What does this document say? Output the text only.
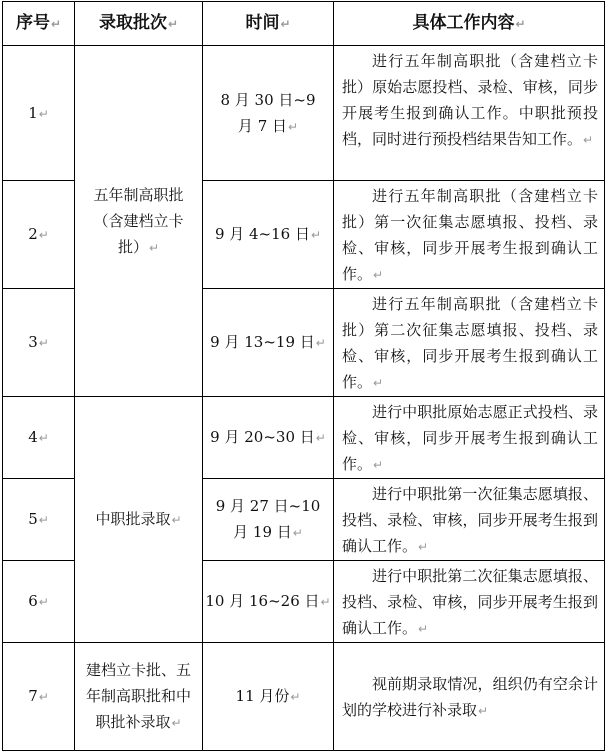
序号↵	录取批次↵	时间↵	具体工作内容↵
1↵	五年制高职批（含建档立卡批）↵	8 月 30 日~9 月 7 日↵	进行五年制高职批（含建档立卡批）原始志愿投档、录检、审核，同步开展考生报到确认工作。中职批预投档，同时进行预投档结果告知工作。↵
2↵		9 月 4~16 日↵	进行五年制高职批（含建档立卡批）第一次征集志愿填报、投档、录检、审核，同步开展考生报到确认工作。↵
3↵		9 月 13~19 日↵	进行五年制高职批（含建档立卡批）第二次征集志愿填报、投档、录检、审核，同步开展考生报到确认工作。↵
4↵	中职批录取↵	9 月 20~30 日↵	进行中职批原始志愿正式投档、录检、审核，同步开展考生报到确认工作。↵
5↵		9 月 27 日~10 月 19 日↵	进行中职批第一次征集志愿填报、投档、录检、审核，同步开展考生报到确认工作。↵
6↵		10 月 16~26 日↵	进行中职批第二次征集志愿填报、投档、录检、审核，同步开展考生报到确认工作。↵
7↵	建档立卡批、五年制高职批和中职批补录取↵	11 月份↵	视前期录取情况，组织仍有空余计划的学校进行补录取↵
